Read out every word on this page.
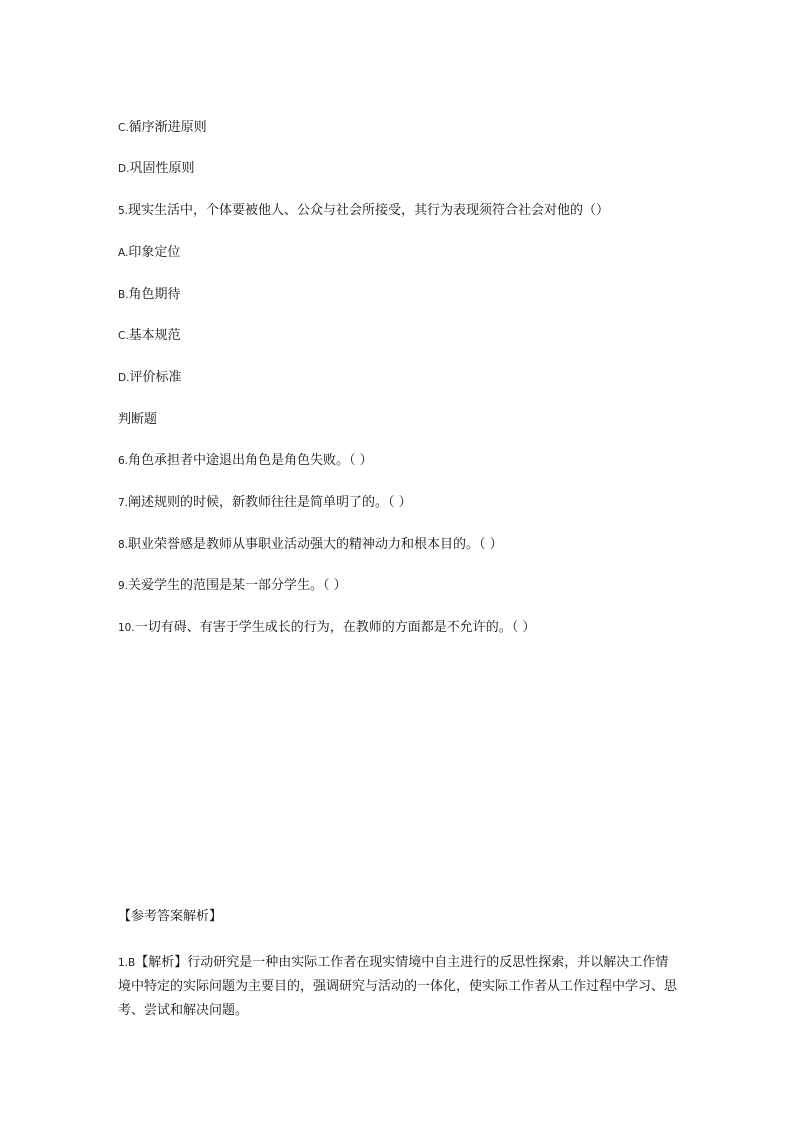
C.循序渐进原则
D.巩固性原则
5.现实生活中，个体要被他人、公众与社会所接受，其行为表现须符合社会对他的（）
A.印象定位
B.角色期待
C.基本规范
D.评价标准
判断题
6.角色承担者中途退出角色是角色失败。（ ）
7.阐述规则的时候，新教师往往是简单明了的。（ ）
8.职业荣誉感是教师从事职业活动强大的精神动力和根本目的。（ ）
9.关爱学生的范围是某一部分学生。（ ）
10.一切有碍、有害于学生成长的行为，在教师的方面都是不允许的。（ ）
【参考答案解析】
1.B【解析】行动研究是一种由实际工作者在现实情境中自主进行的反思性探索，并以解决工作情境中特定的实际问题为主要目的，强调研究与活动的一体化，使实际工作者从工作过程中学习、思考、尝试和解决问题。
